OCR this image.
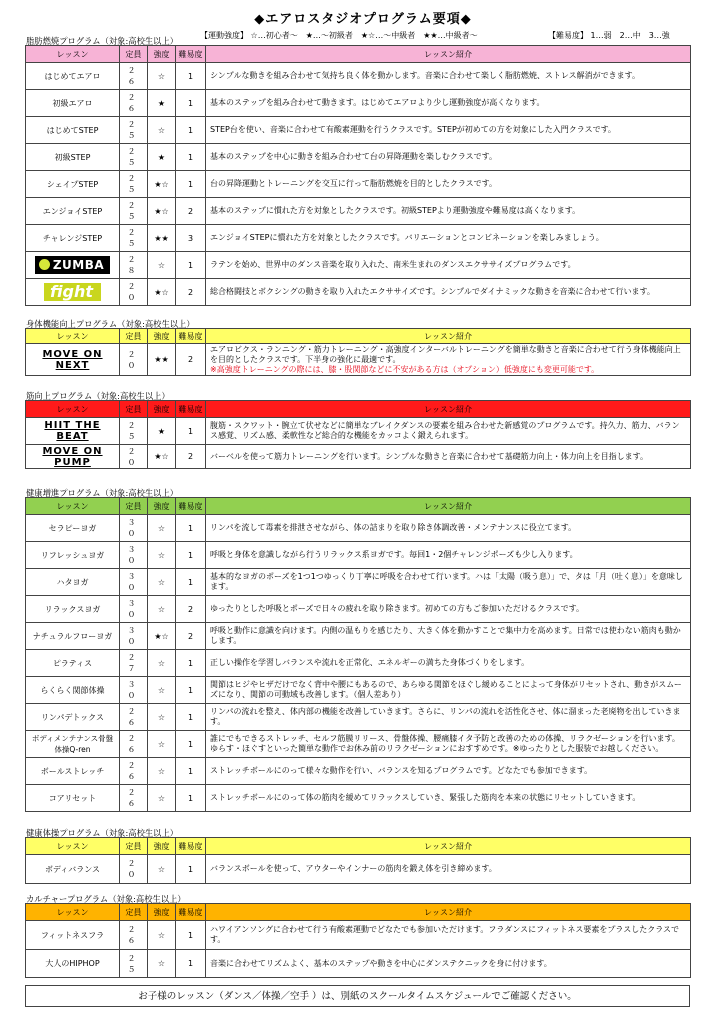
◆エアロスタジオプログラム要項◆
【運動強度】 ☆…初心者～　★…～初級者　★☆…～中級者　★★…中級者～	【難易度】 1…弱　2…中　3…強
脂肪燃焼プログラム（対象:高校生以上）
レッスン	定員	強度	難易度	レッスン紹介
はじめてエアロ	２６	☆	1	シンプルな動きを組み合わせて気持ち良く体を動かします。音楽に合わせて楽しく脂肪燃焼、ストレス解消ができます。
初級エアロ	２６	★	1	基本のステップを組み合わせて動きます。はじめてエアロより少し運動強度が高くなります。
はじめてSTEP	２５	☆	1	STEP台を使い、音楽に合わせて有酸素運動を行うクラスです。STEPが初めての方を対象にした入門クラスです。
初級STEP	２５	★	1	基本のステップを中心に動きを組み合わせて台の昇降運動を楽しむクラスです。
シェイプSTEP	２５	★☆	1	台の昇降運動とトレーニングを交互に行って脂肪燃焼を目的としたクラスです。
エンジョイSTEP	２５	★☆	2	基本のステップに慣れた方を対象としたクラスです。初級STEPより運動強度や難易度は高くなります。
チャレンジSTEP	２５	★★	3	エンジョイSTEPに慣れた方を対象としたクラスです。バリエーションとコンビネーションを楽しみましょう。
ZUMBA	２８	☆	1	ラテンを始め、世界中のダンス音楽を取り入れた、南米生まれのダンスエクササイズプログラムです。
fight	２０	★☆	2	総合格闘技とボクシングの動きを取り入れたエクササイズです。シンプルでダイナミックな動きを音楽に合わせて行います。
身体機能向上プログラム（対象:高校生以上）
レッスン	定員	強度	難易度	レッスン紹介
MOVE ON NEXT	２０	★★	2	エアロビクス・ランニング・筋力トレーニング・高強度インターバルトレーニングを簡単な動きと音楽に合わせて行う身体機能向上を目的としたクラスです。下半身の強化に最適です。
※高強度トレーニングの際には、膝・股関節などに不安がある方は（オプション）低強度にも変更可能です。
筋向上プログラム（対象:高校生以上）
レッスン	定員	強度	難易度	レッスン紹介
HIIT THE BEAT	２５	★	1	腹筋・スクワット・腕立て伏せなどに簡単なブレイクダンスの要素を組み合わせた新感覚のプログラムです。持久力、筋力、バランス感覚、リズム感、柔軟性など総合的な機能をカッコよく鍛えられます。
MOVE ON PUMP	２０	★☆	2	バーベルを使って筋力トレーニングを行います。シンプルな動きと音楽に合わせて基礎筋力向上・体力向上を目指します。
健康増進プログラム（対象:高校生以上）
レッスン	定員	強度	難易度	レッスン紹介
セラピーヨガ	３０	☆	1	リンパを流して毒素を排泄させながら、体の詰まりを取り除き体調改善・メンテナンスに役立てます。
リフレッシュヨガ	３０	☆	1	呼吸と身体を意識しながら行うリラックス系ヨガです。毎回1・2個チャレンジポーズも少し入ります。
ハタヨガ	３０	☆	1	基本的なヨガのポーズを1つ1つゆっくり丁寧に呼吸を合わせて行います。ハは「太陽（吸う息）」で、タは「月（吐く息）」を意味します。
リラックスヨガ	３０	☆	2	ゆったりとした呼吸とポーズで日々の疲れを取り除きます。初めての方もご参加いただけるクラスです。
ナチュラルフローヨガ	３０	★☆	2	呼吸と動作に意識を向けます。内側の温もりを感じたり、大きく体を動かすことで集中力を高めます。日常では使わない筋肉も動かします。
ピラティス	２７	☆	1	正しい操作を学習しバランスや流れを正常化、エネルギーの満ちた身体づくりをします。
らくらく関節体操	３０	☆	1	関節はヒジやヒザだけでなく背中や腰にもあるので、あらゆる関節をほぐし緩めることによって身体がリセットされ、動きがスムーズになり、関節の可動域も改善します。（個人差あり）
リンパデトックス	２６	☆	1	リンパの流れを整え、体内部の機能を改善していきます。さらに、リンパの流れを活性化させ、体に溜まった老廃物を出していきます。
ボディメンテナンス骨盤体操Q-ren	２６	☆	1	誰にでもできるストレッチ、セルフ筋膜リリース、骨盤体操、腰痛膝イタ予防と改善のための体操、リラクゼーションを行います。ゆらす・ほぐすといった簡単な動作でお休み前のリラクゼーションにおすすめです。※ゆったりとした服装でお越しください。
ボールストレッチ	２６	☆	1	ストレッチボールにのって様々な動作を行い、バランスを知るプログラムです。どなたでも参加できます。
コアリセット	２６	☆	1	ストレッチボールにのって体の筋肉を緩めてリラックスしていき、緊張した筋肉を本来の状態にリセットしていきます。
健康体操プログラム（対象:高校生以上）
レッスン	定員	強度	難易度	レッスン紹介
ボディバランス	２０	☆	1	バランスボールを使って、アウターやインナーの筋肉を鍛え体を引き締めます。
カルチャープログラム（対象:高校生以上）
レッスン	定員	強度	難易度	レッスン紹介
フィットネスフラ	２６	☆	1	ハワイアンソングに合わせて行う有酸素運動でどなたでも参加いただけます。フラダンスにフィットネス要素をプラスしたクラスです。
大人のHIPHOP	２５	☆	1	音楽に合わせてリズムよく、基本のステップや動きを中心にダンステクニックを身に付けます。
お子様のレッスン（ダンス／体操／空手 ）は、別紙のスクールタイムスケジュールでご確認ください。
